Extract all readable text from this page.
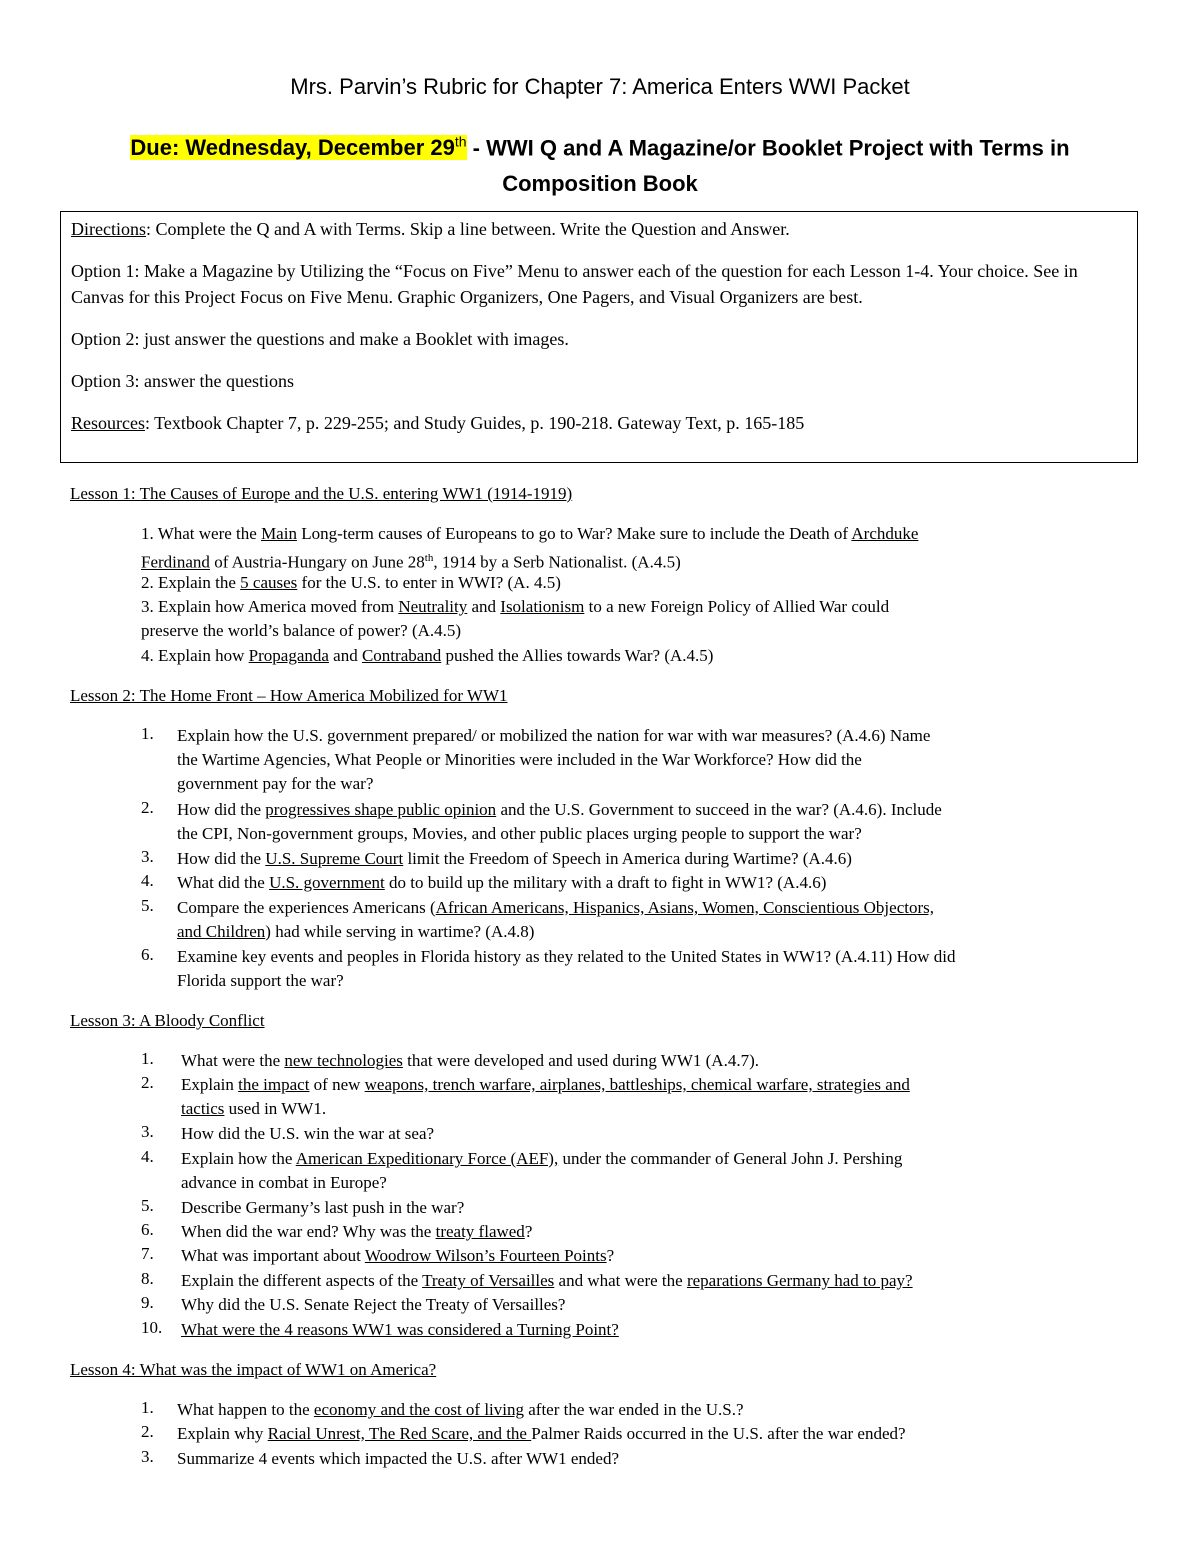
Mrs. Parvin’s Rubric for Chapter 7: America Enters WWI Packet
Due: Wednesday, December 29th - WWI Q and A Magazine/or Booklet Project with Terms in
Composition Book

Directions: Complete the Q and A with Terms. Skip a line between. Write the Question and Answer.

Option 1: Make a Magazine by Utilizing the “Focus on Five” Menu to answer each of the question for each Lesson 1-4. Your choice. See in Canvas for this Project Focus on Five Menu. Graphic Organizers, One Pagers, and Visual Organizers are best.

Option 2: just answer the questions and make a Booklet with images.

Option 3: answer the questions

Resources: Textbook Chapter 7, p. 229-255; and Study Guides, p. 190-218. Gateway Text, p. 165-185

Lesson 1: The Causes of Europe and the U.S. entering WW1 (1914-1919)
1. What were the Main Long-term causes of Europeans to go to War? Make sure to include the Death of Archduke
Ferdinand of Austria-Hungary on June 28th, 1914 by a Serb Nationalist. (A.4.5)
2. Explain the 5 causes for the U.S. to enter in WWI? (A. 4.5)
3. Explain how America moved from Neutrality and Isolationism to a new Foreign Policy of Allied War could
preserve the world’s balance of power? (A.4.5)
4. Explain how Propaganda and Contraband pushed the Allies towards War? (A.4.5)
Lesson 2: The Home Front – How America Mobilized for WW1
1. Explain how the U.S. government prepared/ or mobilized the nation for war with war measures? (A.4.6) Name
the Wartime Agencies, What People or Minorities were included in the War Workforce? How did the
government pay for the war?
2. How did the progressives shape public opinion and the U.S. Government to succeed in the war? (A.4.6). Include
the CPI, Non-government groups, Movies, and other public places urging people to support the war?
3. How did the U.S. Supreme Court limit the Freedom of Speech in America during Wartime? (A.4.6)
4. What did the U.S. government do to build up the military with a draft to fight in WW1? (A.4.6)
5. Compare the experiences Americans (African Americans, Hispanics, Asians, Women, Conscientious Objectors,
and Children) had while serving in wartime? (A.4.8)
6. Examine key events and peoples in Florida history as they related to the United States in WW1? (A.4.11) How did
Florida support the war?
Lesson 3: A Bloody Conflict
1. What were the new technologies that were developed and used during WW1 (A.4.7).
2. Explain the impact of new weapons, trench warfare, airplanes, battleships, chemical warfare, strategies and
tactics used in WW1.
3. How did the U.S. win the war at sea?
4. Explain how the American Expeditionary Force (AEF), under the commander of General John J. Pershing
advance in combat in Europe?
5. Describe Germany’s last push in the war?
6. When did the war end? Why was the treaty flawed?
7. What was important about Woodrow Wilson’s Fourteen Points?
8. Explain the different aspects of the Treaty of Versailles and what were the reparations Germany had to pay?
9. Why did the U.S. Senate Reject the Treaty of Versailles?
10. What were the 4 reasons WW1 was considered a Turning Point?
Lesson 4: What was the impact of WW1 on America?
1. What happen to the economy and the cost of living after the war ended in the U.S.?
2. Explain why Racial Unrest, The Red Scare, and the Palmer Raids occurred in the U.S. after the war ended?
3. Summarize 4 events which impacted the U.S. after WW1 ended?
